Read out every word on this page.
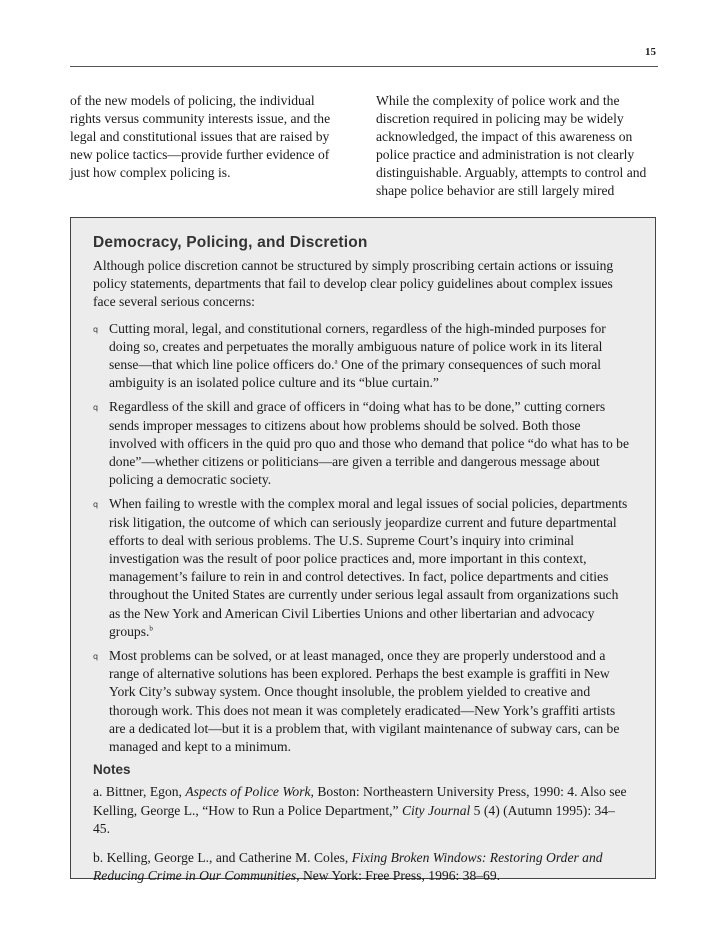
15

of the new models of policing, the individual rights versus community interests issue, and the legal and constitutional issues that are raised by new police tactics—provide further evidence of just how complex policing is.

While the complexity of police work and the discretion required in policing may be widely acknowledged, the impact of this awareness on police practice and administration is not clearly distinguishable. Arguably, attempts to control and shape police behavior are still largely mired

Democracy, Policing, and Discretion

Although police discretion cannot be structured by simply proscribing certain actions or issuing policy statements, departments that fail to develop clear policy guidelines about complex issues face several serious concerns:

q Cutting moral, legal, and constitutional corners, regardless of the high-minded purposes for doing so, creates and perpetuates the morally ambiguous nature of police work in its literal sense—that which line police officers do.$^a$ One of the primary consequences of such moral ambiguity is an isolated police culture and its “blue curtain.”
q Regardless of the skill and grace of officers in “doing what has to be done,” cutting corners sends improper messages to citizens about how problems should be solved. Both those involved with officers in the quid pro quo and those who demand that police “do what has to be done”—whether citizens or politicians—are given a terrible and dangerous message about policing a democratic society.
q When failing to wrestle with the complex moral and legal issues of social policies, departments risk litigation, the outcome of which can seriously jeopardize current and future departmental efforts to deal with serious problems. The U.S. Supreme Court’s inquiry into criminal investigation was the result of poor police practices and, more important in this context, management’s failure to rein in and control detectives. In fact, police departments and cities throughout the United States are currently under serious legal assault from organizations such as the New York and American Civil Liberties Unions and other libertarian and advocacy groups.$^b$
q Most problems can be solved, or at least managed, once they are properly understood and a range of alternative solutions has been explored. Perhaps the best example is graffiti in New York City’s subway system. Once thought insoluble, the problem yielded to creative and thorough work. This does not mean it was completely eradicated—New York’s graffiti artists are a dedicated lot—but it is a problem that, with vigilant maintenance of subway cars, can be managed and kept to a minimum.
Notes

a. Bittner, Egon, Aspects of Police Work, Boston: Northeastern University Press, 1990: 4. Also see Kelling, George L., “How to Run a Police Department,” City Journal 5 (4) (Autumn 1995): 34–45.

b. Kelling, George L., and Catherine M. Coles, Fixing Broken Windows: Restoring Order and Reducing Crime in Our Communities, New York: Free Press, 1996: 38–69.
